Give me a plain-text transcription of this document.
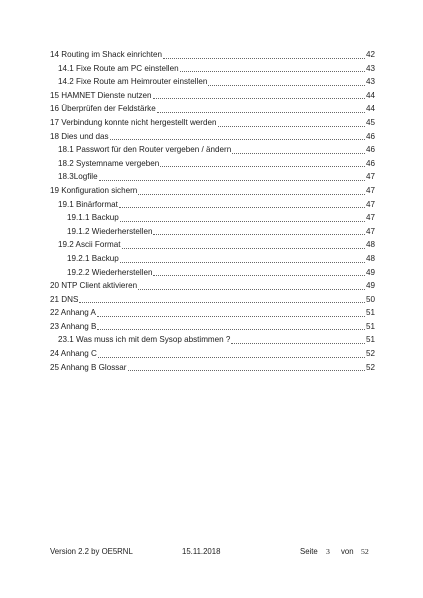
14 Routing im Shack einrichten	42
14.1 Fixe Route am PC einstellen	43
14.2 Fixe Route am Heimrouter einstellen	43
15 HAMNET Dienste nutzen	44
16 Überprüfen der Feldstärke	44
17 Verbindung konnte nicht hergestellt werden	45
18 Dies und das	46
18.1 Passwort für den Router vergeben / ändern	46
18.2 Systemname vergeben	46
18.3Logfile	47
19 Konfiguration sichern	47
19.1 Binärformat	47
19.1.1 Backup	47
19.1.2 Wiederherstellen	47
19.2 Ascii Format	48
19.2.1 Backup	48
19.2.2 Wiederherstellen	49
20 NTP Client aktivieren	49
21 DNS	50
22 Anhang A	51
23 Anhang B	51
23.1 Was muss ich mit dem Sysop abstimmen ?	51
24 Anhang C	52
25 Anhang B Glossar	52
Version 2.2 by OE5RNL	15.11.2018	Seite 3 von 52
